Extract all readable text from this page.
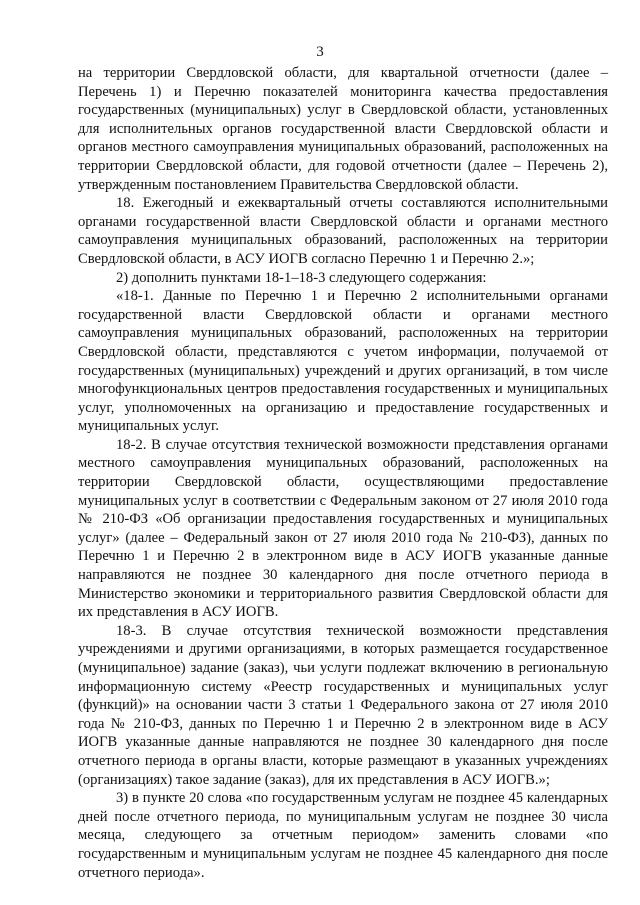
3

на территории Свердловской области, для квартальной отчетности (далее – Перечень 1) и Перечню показателей мониторинга качества предоставления государственных (муниципальных) услуг в Свердловской области, установленных для исполнительных органов государственной власти Свердловской области и органов местного самоуправления муниципальных образований, расположенных на территории Свердловской области, для годовой отчетности (далее – Перечень 2), утвержденным постановлением Правительства Свердловской области.

18. Ежегодный и ежеквартальный отчеты составляются исполнительными органами государственной власти Свердловской области и органами местного самоуправления муниципальных образований, расположенных на территории Свердловской области, в АСУ ИОГВ согласно Перечню 1 и Перечню 2.»;

2) дополнить пунктами 18-1–18-3 следующего содержания:

«18-1. Данные по Перечню 1 и Перечню 2 исполнительными органами государственной власти Свердловской области и органами местного самоуправления муниципальных образований, расположенных на территории Свердловской области, представляются с учетом информации, получаемой от государственных (муниципальных) учреждений и других организаций, в том числе многофункциональных центров предоставления государственных и муниципальных услуг, уполномоченных на организацию и предоставление государственных и муниципальных услуг.

18-2. В случае отсутствия технической возможности представления органами местного самоуправления муниципальных образований, расположенных на территории Свердловской области, осуществляющими предоставление муниципальных услуг в соответствии с Федеральным законом от 27 июля 2010 года № 210-ФЗ «Об организации предоставления государственных и муниципальных услуг» (далее – Федеральный закон от 27 июля 2010 года № 210-ФЗ), данных по Перечню 1 и Перечню 2 в электронном виде в АСУ ИОГВ указанные данные направляются не позднее 30 календарного дня после отчетного периода в Министерство экономики и территориального развития Свердловской области для их представления в АСУ ИОГВ.

18-3. В случае отсутствия технической возможности представления учреждениями и другими организациями, в которых размещается государственное (муниципальное) задание (заказ), чьи услуги подлежат включению в региональную информационную систему «Реестр государственных и муниципальных услуг (функций)» на основании части 3 статьи 1 Федерального закона от 27 июля 2010 года № 210-ФЗ, данных по Перечню 1 и Перечню 2 в электронном виде в АСУ ИОГВ указанные данные направляются не позднее 30 календарного дня после отчетного периода в органы власти, которые размещают в указанных учреждениях (организациях) такое задание (заказ), для их представления в АСУ ИОГВ.»;

3) в пункте 20 слова «по государственным услугам не позднее 45 календарных дней после отчетного периода, по муниципальным услугам не позднее 30 числа месяца, следующего за отчетным периодом» заменить словами «по государственным и муниципальным услугам не позднее 45 календарного дня после отчетного периода».
